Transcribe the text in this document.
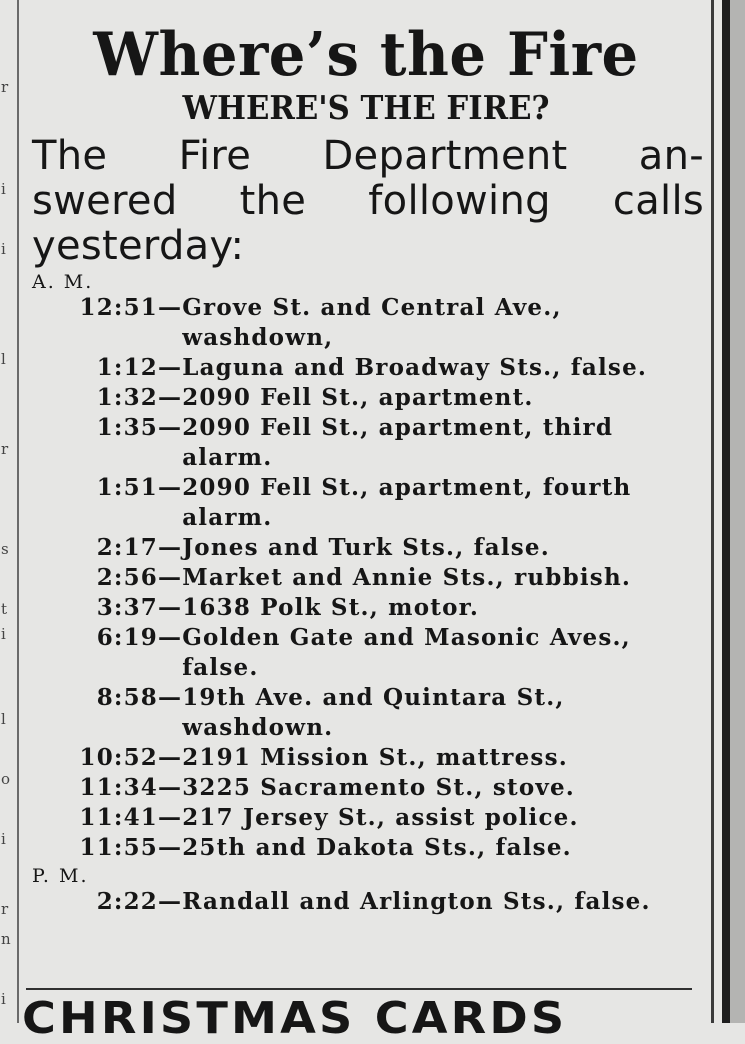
r
i
i
l
r
s
t
i
l
o
i
r
n
i
Where’s the Fire
WHERE'S THE FIRE?
The Fire Department an-
swered the following calls
yesterday:
A. M.
12:51 — Grove St. and Central Ave.,
washdown,
1:12 — Laguna and Broadway Sts., false.
1:32 — 2090 Fell St., apartment.
1:35 — 2090 Fell St., apartment, third
alarm.
1:51 — 2090 Fell St., apartment, fourth
alarm.
2:17 — Jones and Turk Sts., false.
2:56 — Market and Annie Sts., rubbish.
3:37 — 1638 Polk St., motor.
6:19 — Golden Gate and Masonic Aves.,
false.
8:58 — 19th Ave. and Quintara St.,
washdown.
10:52 — 2191 Mission St., mattress.
11:34 — 3225 Sacramento St., stove.
11:41 — 217 Jersey St., assist police.
11:55 — 25th and Dakota Sts., false.
P. M.
2:22 — Randall and Arlington Sts., false.
CHRISTMAS CARDS
